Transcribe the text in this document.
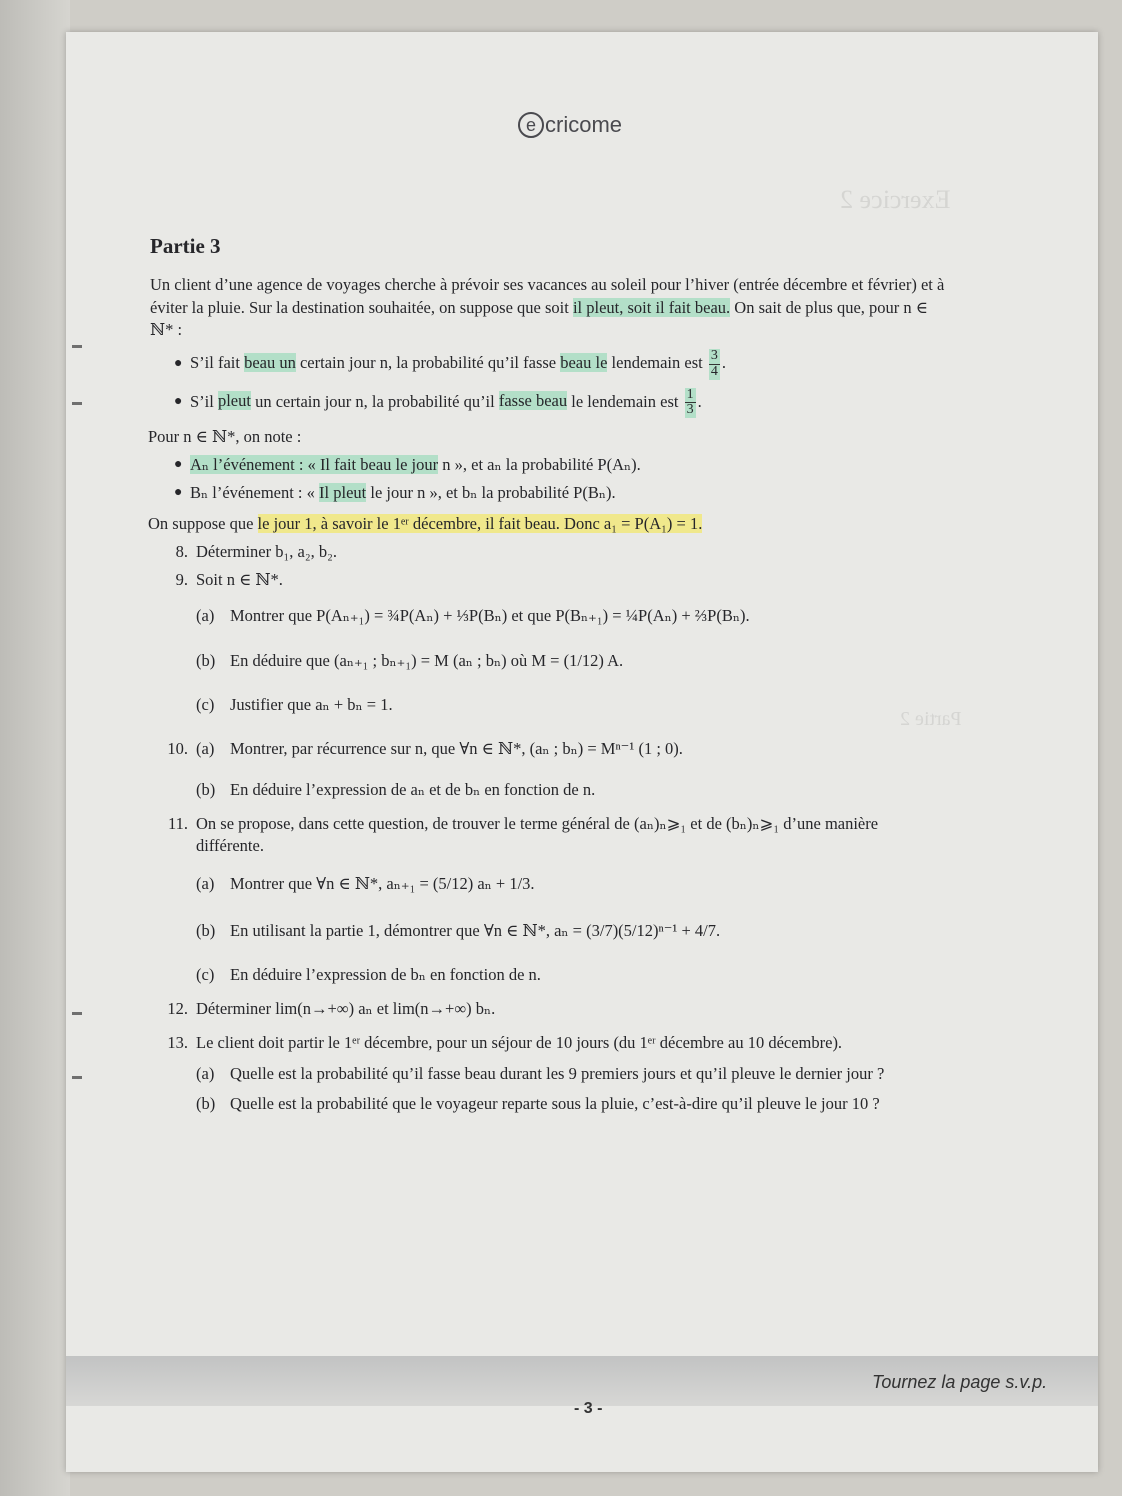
Exercice 2
Partie 2
e cricome
Partie 3

Un client d’une agence de voyages cherche à prévoir ses vacances au soleil pour l’hiver (entrée décembre et février) et à éviter la pluie. Sur la destination souhaitée, on suppose que soit il pleut, soit il fait beau. On sait de plus que, pour n ∈ ℕ* :

● S’il fait beau un certain jour n, la probabilité qu’il fasse beau le lendemain est $\frac{3}{4}$ .
● S’il pleut un certain jour n, la probabilité qu’il fasse beau le lendemain est $\frac{1}{3}$ .

Pour n ∈ ℕ*, on note :

● Aₙ l’événement : « Il fait beau le jour n », et aₙ la probabilité P(Aₙ).
● Bₙ l’événement : « Il pleut le jour n », et bₙ la probabilité P(Bₙ).

On suppose que le jour 1, à savoir le 1ᵉʳ décembre, il fait beau. Donc a₁ = P(A₁) = 1.

8. Déterminer b₁, a₂, b₂.
9. Soit n ∈ ℕ*.
(a) Montrer que P(Aₙ₊₁) = ¾P(Aₙ) + ⅓P(Bₙ) et que P(Bₙ₊₁) = ¼P(Aₙ) + ⅔P(Bₙ).
(b) En déduire que (aₙ₊₁ ; bₙ₊₁) = M (aₙ ; bₙ) où M = (1/12) A.
(c) Justifier que aₙ + bₙ = 1.
10. (a) Montrer, par récurrence sur n, que ∀n ∈ ℕ*, (aₙ ; bₙ) = Mⁿ⁻¹ (1 ; 0).
(b) En déduire l’expression de aₙ et de bₙ en fonction de n.
11. On se propose, dans cette question, de trouver le terme général de (aₙ)ₙ⩾₁ et de (bₙ)ₙ⩾₁ d’une manière différente.
(a) Montrer que ∀n ∈ ℕ*, aₙ₊₁ = (5/12) aₙ + 1/3.
(b) En utilisant la partie 1, démontrer que ∀n ∈ ℕ*, aₙ = (3/7)(5/12)ⁿ⁻¹ + 4/7.
(c) En déduire l’expression de bₙ en fonction de n.
12. Déterminer lim(n→+∞) aₙ et lim(n→+∞) bₙ.
13. Le client doit partir le 1ᵉʳ décembre, pour un séjour de 10 jours (du 1ᵉʳ décembre au 10 décembre).
(a) Quelle est la probabilité qu’il fasse beau durant les 9 premiers jours et qu’il pleuve le dernier jour ?
(b) Quelle est la probabilité que le voyageur reparte sous la pluie, c’est-à-dire qu’il pleuve le jour 10 ?
Tournez la page s.v.p.
- 3 -
